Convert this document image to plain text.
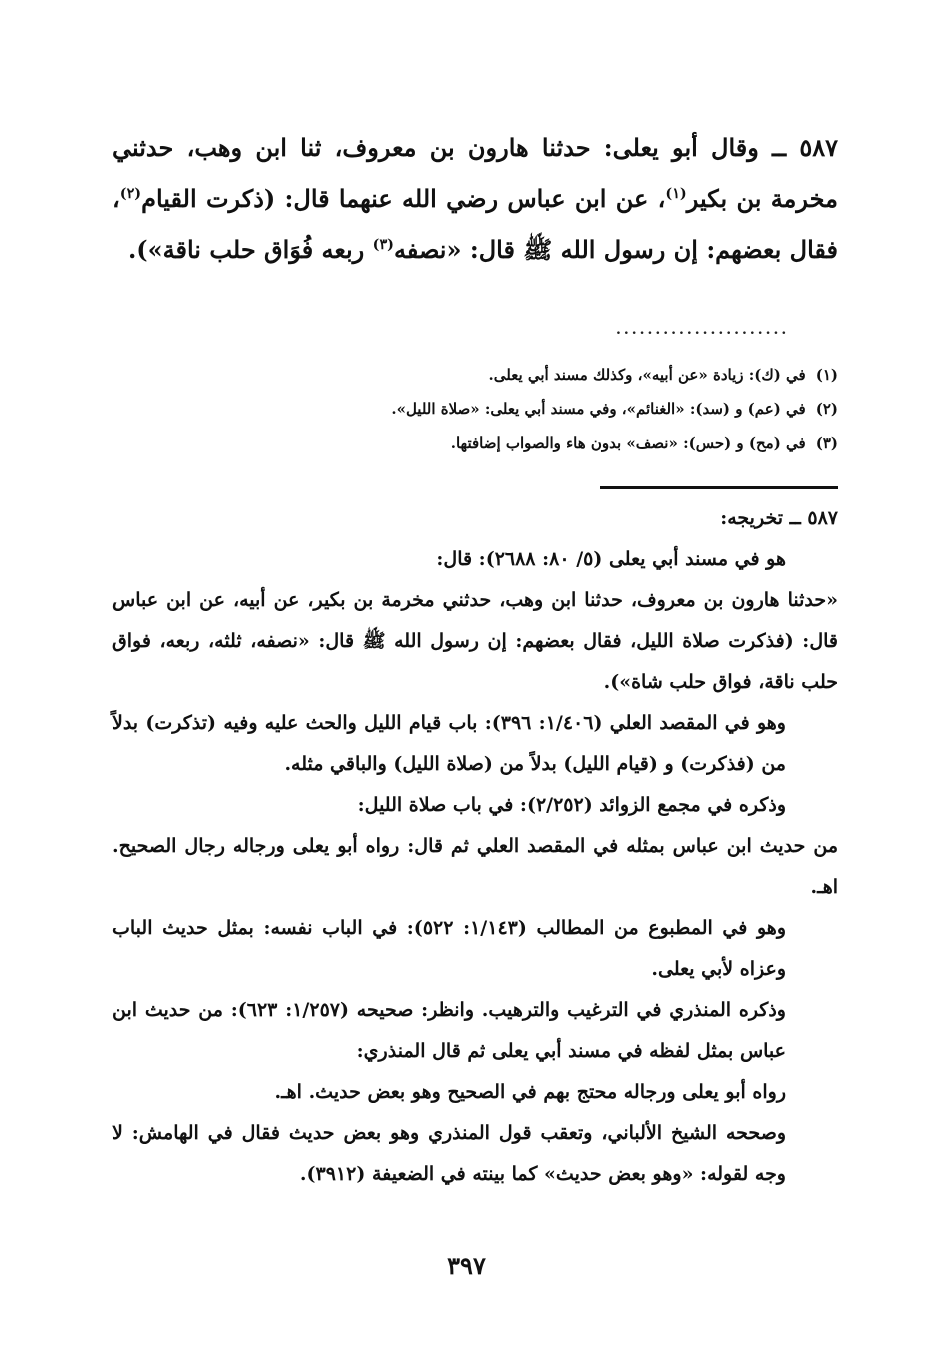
٥٨٧ ــ وقال أبو يعلى: حدثنا هارون بن معروف، ثنا ابن وهب، حدثني مخرمة بن بكير$^{(١)}$، عن ابن عباس رضي الله عنهما قال: (ذكرت القيام$^{(٢)}$، فقال بعضهم: إن رسول الله ﷺ قال: «نصفه$^{(٣)}$ ربعه فُوَاق حلب ناقة»).
......................

(١)في (ك): زيادة «عن أبيه»، وكذلك مسند أبي يعلى.

(٢)في (عم) و (سد): «الغنائم»، وفي مسند أبي يعلى: «صلاة الليل».

(٣)في (مح) و (حس): «نصف» بدون هاء والصواب إضافتها.

٥٨٧ ــ تخريجه:

هو في مسند أبي يعلى (٥/ ٨٠: ٢٦٨٨): قال:

«حدثنا هارون بن معروف، حدثنا ابن وهب، حدثني مخرمة بن بكير، عن أبيه، عن ابن عباس قال: (فذكرت صلاة الليل، فقال بعضهم: إن رسول الله ﷺ قال: «نصفه، ثلثه، ربعه، فواق حلب ناقة، فواق حلب شاة»).

وهو في المقصد العلي (١/٤٠٦: ٣٩٦): باب قيام الليل والحث عليه وفيه (تذكرت) بدلاً من (فذكرت) و (قيام الليل) بدلاً من (صلاة الليل) والباقي مثله.

وذكره في مجمع الزوائد (٢/٢٥٢): في باب صلاة الليل:

من حديث ابن عباس بمثله في المقصد العلي ثم قال: رواه أبو يعلى ورجاله رجال الصحيح. اهـ.

وهو في المطبوع من المطالب (١/١٤٣: ٥٢٢): في الباب نفسه: بمثل حديث الباب وعزاه لأبي يعلى.

وذكره المنذري في الترغيب والترهيب. وانظر: صحيحه (١/٢٥٧: ٦٢٣): من حديث ابن عباس بمثل لفظه في مسند أبي يعلى ثم قال المنذري:

رواه أبو يعلى ورجاله محتج بهم في الصحيح وهو بعض حديث. اهـ.

وصححه الشيخ الألباني، وتعقب قول المنذري وهو بعض حديث فقال في الهامش: لا وجه لقوله: «وهو بعض حديث» كما بينته في الضعيفة (٣٩١٢).

٣٩٧
